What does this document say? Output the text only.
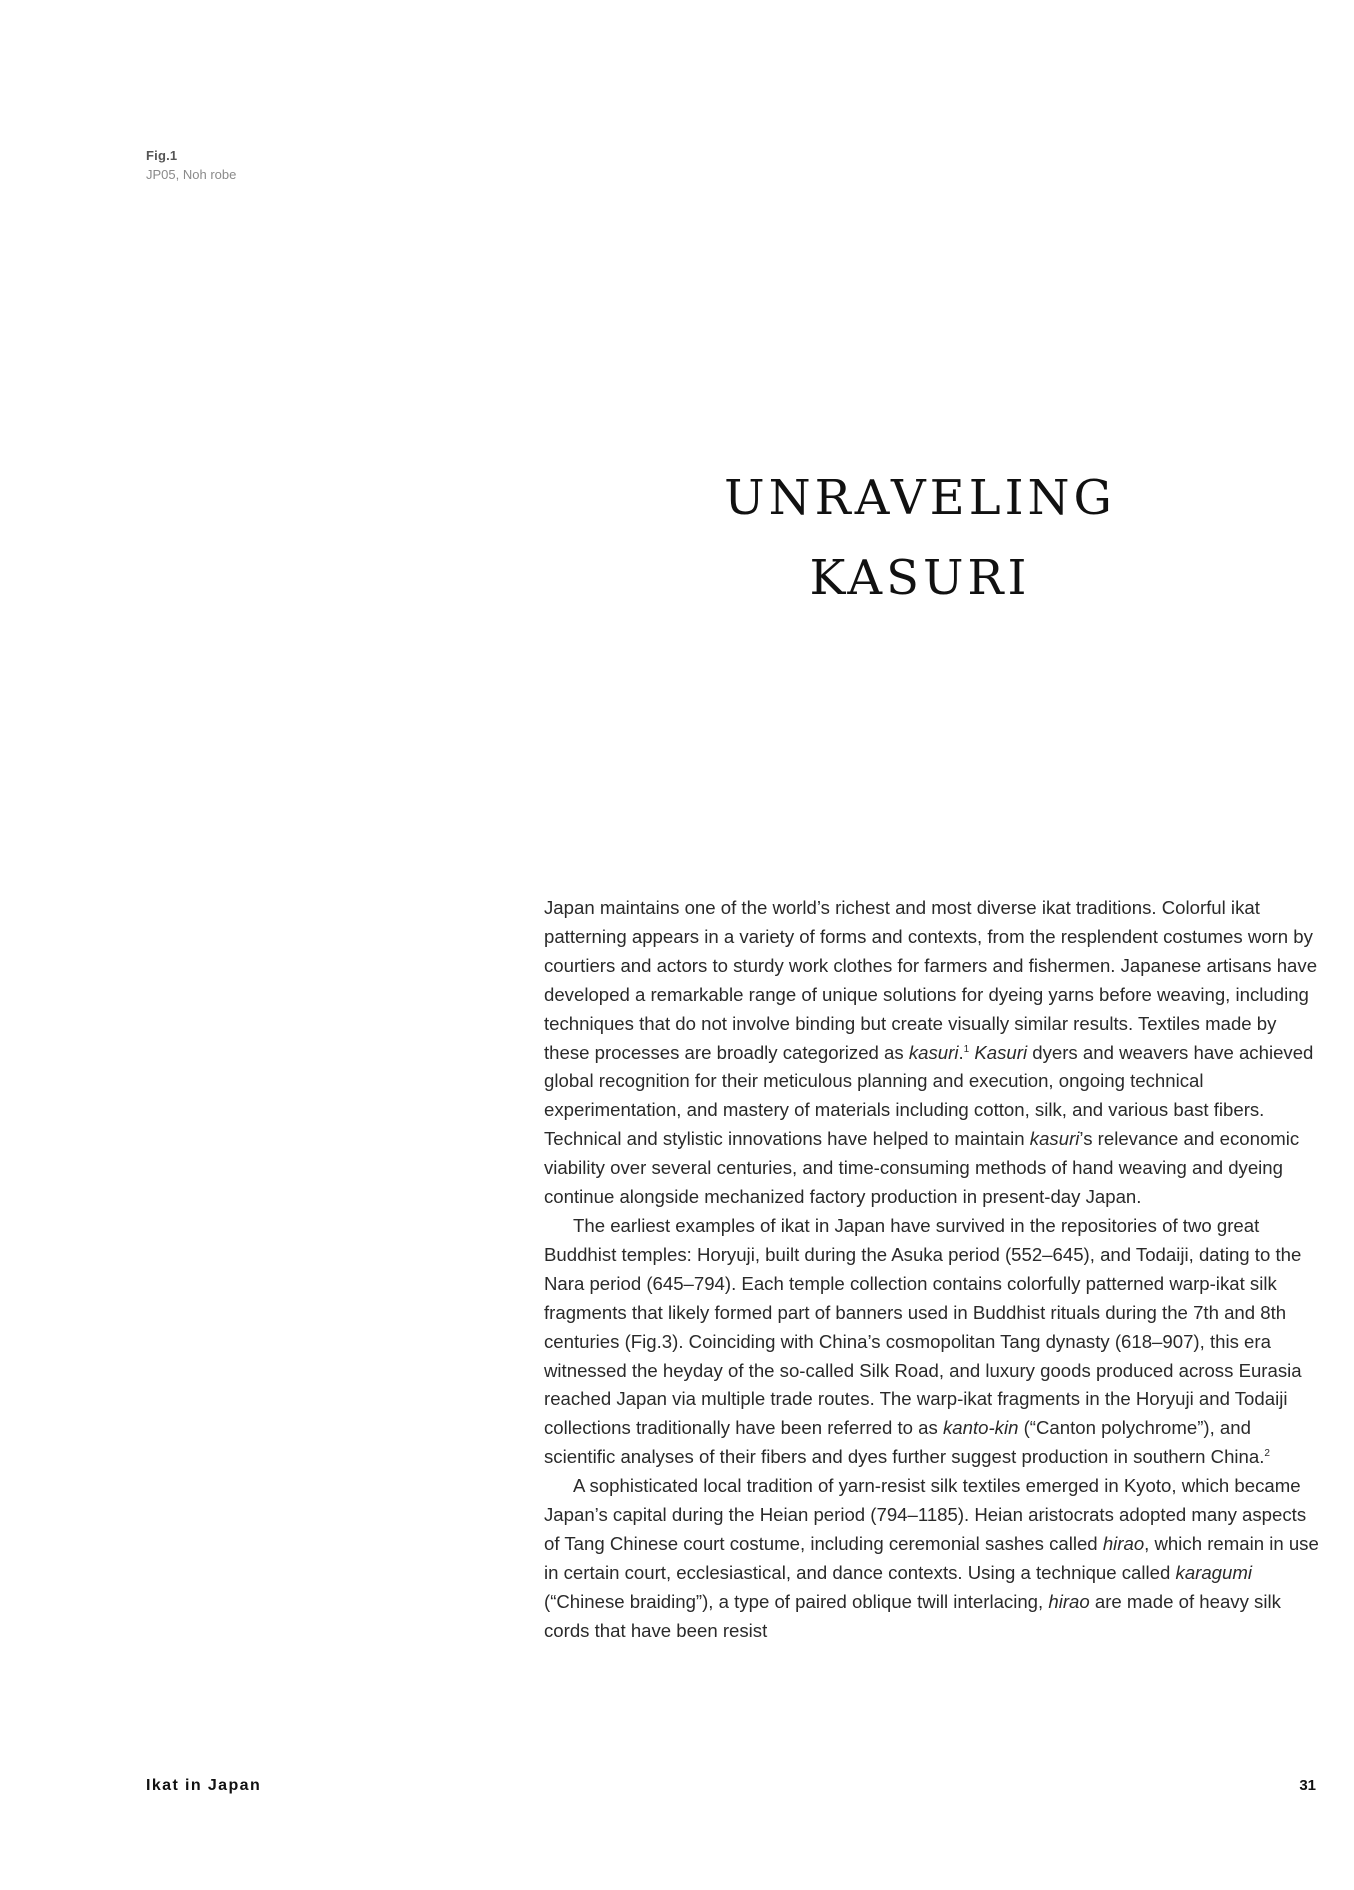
Fig.1
JP05, Noh robe
UNRAVELING
KASURI

Japan maintains one of the world’s richest and most diverse ikat traditions. Colorful ikat patterning appears in a variety of forms and contexts, from the resplendent costumes worn by courtiers and actors to sturdy work clothes for farmers and fishermen. Japanese artisans have developed a remarkable range of unique solutions for dyeing yarns before weaving, including techniques that do not involve binding but create visually similar results. Textiles made by these processes are broadly categorized as kasuri.$^1$ Kasuri dyers and weavers have achieved global recognition for their meticulous planning and execution, ongoing technical experimentation, and mastery of materials including cotton, silk, and various bast fibers. Technical and stylistic innovations have helped to maintain kasuri’s relevance and economic viability over several centuries, and time-consuming methods of hand weaving and dyeing continue alongside mechanized factory production in present-day Japan.

The earliest examples of ikat in Japan have survived in the repositories of two great Buddhist temples: Horyuji, built during the Asuka period (552–645), and Todaiji, dating to the Nara period (645–794). Each temple collection contains colorfully patterned warp-ikat silk fragments that likely formed part of banners used in Buddhist rituals during the 7th and 8th centuries (Fig.3). Coinciding with China’s cosmopolitan Tang dynasty (618–907), this era witnessed the heyday of the so-called Silk Road, and luxury goods produced across Eurasia reached Japan via multiple trade routes. The warp-ikat fragments in the Horyuji and Todaiji collections traditionally have been referred to as kanto-kin (“Canton polychrome”), and scientific analyses of their fibers and dyes further suggest production in southern China.$^2$

A sophisticated local tradition of yarn-resist silk textiles emerged in Kyoto, which became Japan’s capital during the Heian period (794–1185). Heian aristocrats adopted many aspects of Tang Chinese court costume, including ceremonial sashes called hirao, which remain in use in certain court, ecclesiastical, and dance contexts. Using a technique called karagumi (“Chinese braiding”), a type of paired oblique twill interlacing, hirao are made of heavy silk cords that have been resist

Ikat in Japan	31
